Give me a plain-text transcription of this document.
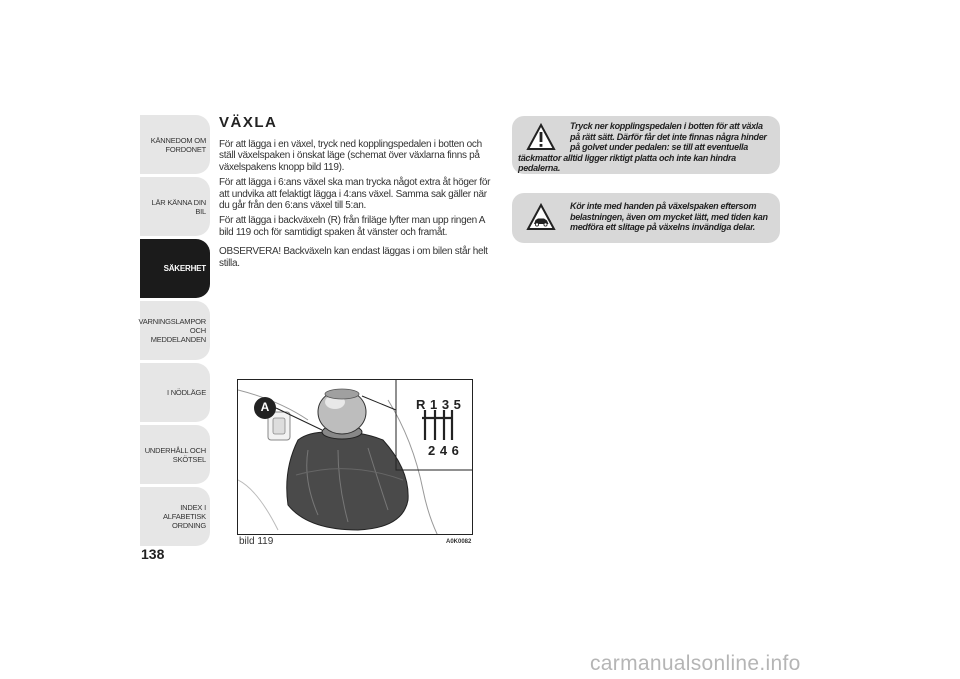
KÄNNEDOM OM
FORDONET
LÄR KÄNNA DIN BIL
SÄKERHET
VARNINGSLAMPOR
OCH MEDDELANDEN
I NÖDLÄGE
UNDERHÅLL OCH
SKÖTSEL
INDEX I ALFABETISK
ORDNING
138
VÄXLA

För att lägga i en växel, tryck ned kopplingspedalen i botten och ställ växelspaken i önskat läge (schemat över växlarna finns på växelspakens knopp bild 119).

För att lägga i 6:ans växel ska man trycka något extra åt höger för att undvika att felaktigt lägga i 4:ans växel. Samma sak gäller när du går från den 6:ans växel till 5:an.

För att lägga i backväxeln (R) från friläge lyfter man upp ringen A bild 119 och för samtidigt spaken åt vänster och framåt.

OBSERVERA! Backväxeln kan endast läggas i om bilen står helt stilla.

Tryck ner kopplingspedalen i botten för att växla på rätt sätt. Därför får det inte finnas några hinder på golvet under pedalen: se till att eventuella täckmattor alltid ligger riktigt platta och inte kan hindra pedalerna.
Kör inte med handen på växelspaken eftersom belastningen, även om mycket lätt, med tiden kan medföra ett slitage på växelns invändiga delar.
A	R 1 3 5
2 4 6
bild 119	A0K0082
carmanualsonline.info
